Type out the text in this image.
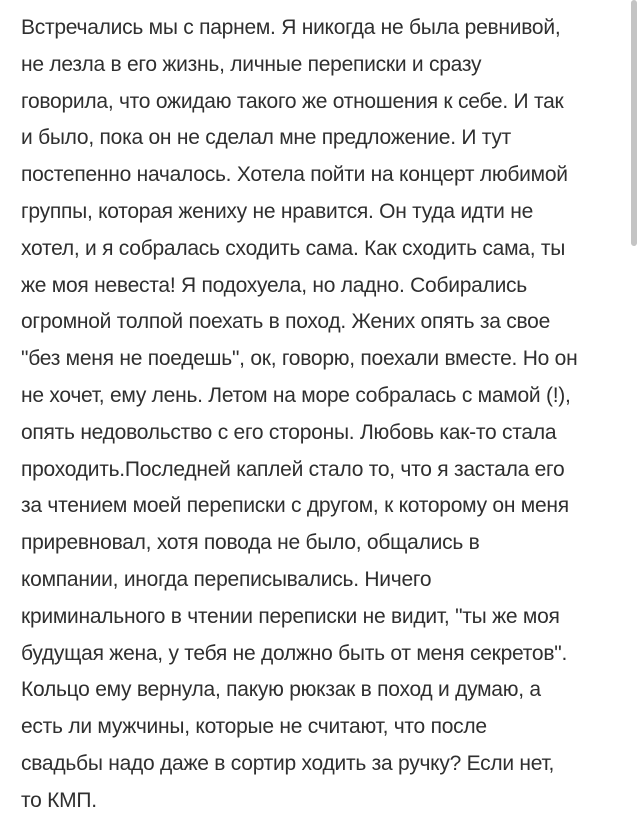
Встречались мы с парнем. Я никогда не была ревнивой,
не лезла в его жизнь, личные переписки и сразу
говорила, что ожидаю такого же отношения к себе. И так
и было, пока он не сделал мне предложение. И тут
постепенно началось. Хотела пойти на концерт любимой
группы, которая жениху не нравится. Он туда идти не
хотел, и я собралась сходить сама. Как сходить сама, ты
же моя невеста! Я подохуела, но ладно. Собирались
огромной толпой поехать в поход. Жених опять за свое
"без меня не поедешь", ок, говорю, поехали вместе. Но он
не хочет, ему лень. Летом на море собралась с мамой (!),
опять недовольство с его стороны. Любовь как-то стала
проходить.Последней каплей стало то, что я застала его
за чтением моей переписки с другом, к которому он меня
приревновал, хотя повода не было, общались в
компании, иногда переписывались. Ничего
криминального в чтении переписки не видит, "ты же моя
будущая жена, у тебя не должно быть от меня секретов".
Кольцо ему вернула, пакую рюкзак в поход и думаю, а
есть ли мужчины, которые не считают, что после
свадьбы надо даже в сортир ходить за ручку? Если нет,
то КМП.
